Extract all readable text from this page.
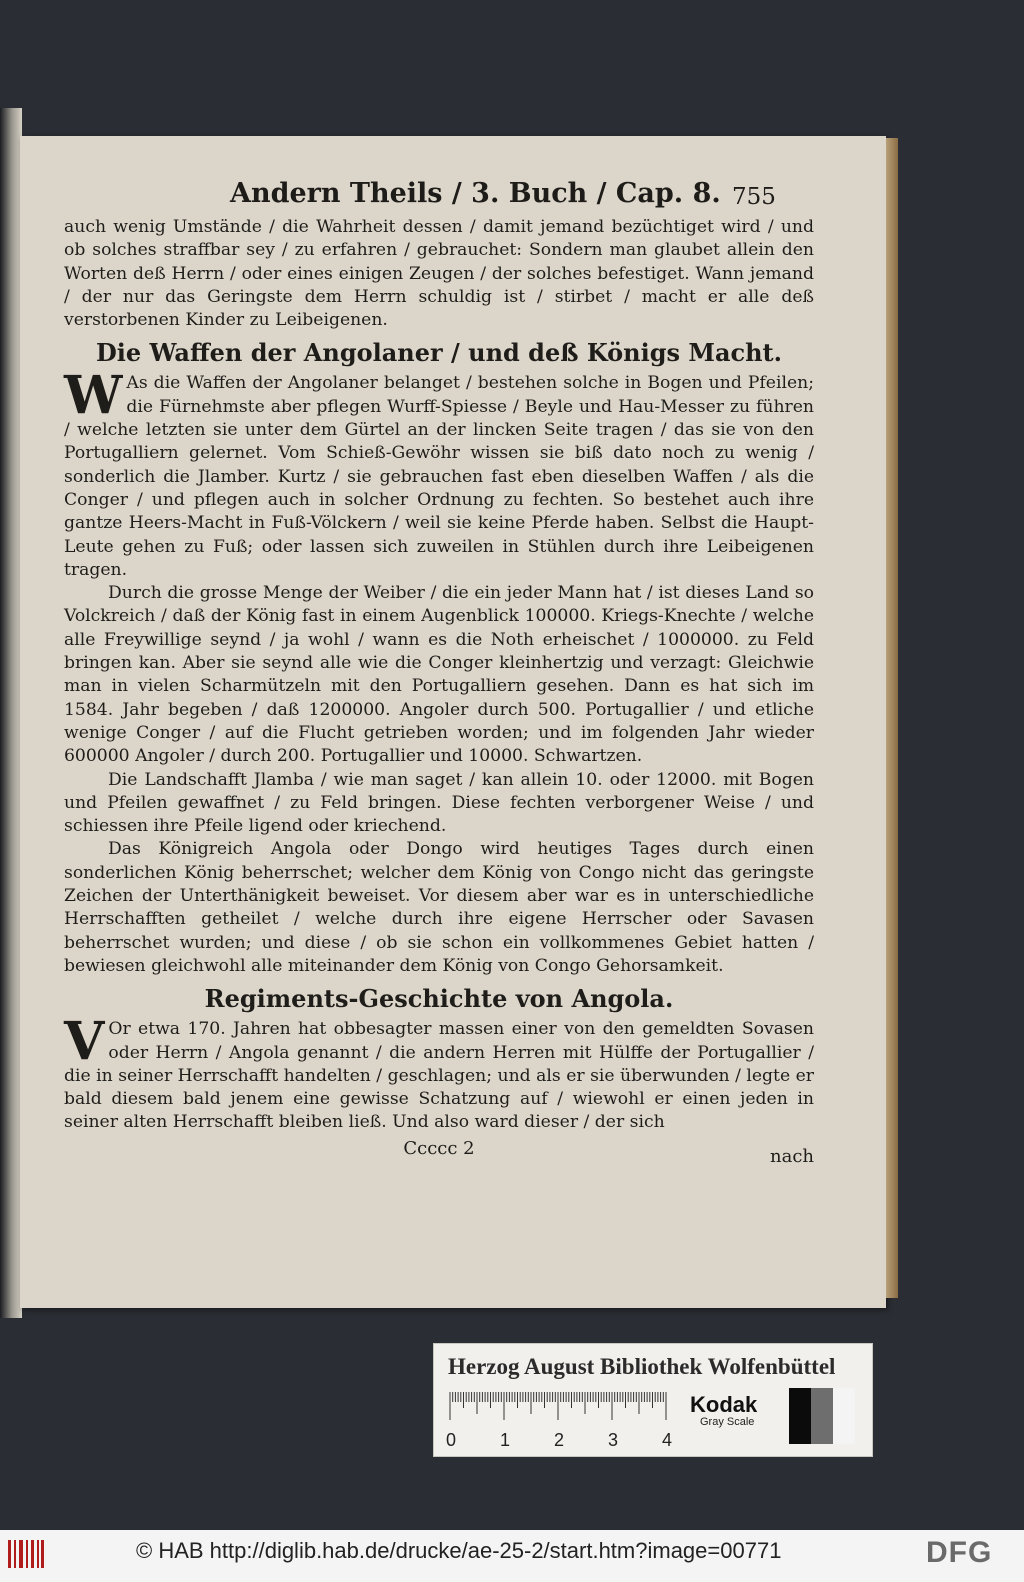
Andern Theils / 3. Buch / Cap. 8. 755

auch wenig Umstände / die Wahrheit dessen / damit jemand bezüchtiget wird / und ob solches straffbar sey / zu erfahren / gebrauchet: Sondern man glaubet allein den Worten deß Herrn / oder eines einigen Zeugen / der solches befestiget. Wann jemand / der nur das Geringste dem Herrn schuldig ist / stirbet / macht er alle deß verstorbenen Kinder zu Leibeigenen.

Die Waffen der Angolaner / und deß Königs Macht.

W As die Waffen der Angolaner belanget / bestehen solche in Bogen und Pfeilen; die Fürnehmste aber pflegen Wurff-Spiesse / Beyle und Hau-Messer zu führen / welche letzten sie unter dem Gürtel an der lincken Seite tragen / das sie von den Portugalliern gelernet. Vom Schieß-Gewöhr wissen sie biß dato noch zu wenig / sonderlich die Jlamber. Kurtz / sie gebrauchen fast eben dieselben Waffen / als die Conger / und pflegen auch in solcher Ordnung zu fechten. So bestehet auch ihre gantze Heers-Macht in Fuß-Völckern / weil sie keine Pferde haben. Selbst die Haupt-Leute gehen zu Fuß; oder lassen sich zuweilen in Stühlen durch ihre Leibeigenen tragen.

Durch die grosse Menge der Weiber / die ein jeder Mann hat / ist dieses Land so Volckreich / daß der König fast in einem Augenblick 100000. Kriegs-Knechte / welche alle Freywillige seynd / ja wohl / wann es die Noth erheischet / 1000000. zu Feld bringen kan. Aber sie seynd alle wie die Conger kleinhertzig und verzagt: Gleichwie man in vielen Scharmützeln mit den Portugalliern gesehen. Dann es hat sich im 1584. Jahr begeben / daß 1200000. Angoler durch 500. Portugallier / und etliche wenige Conger / auf die Flucht getrieben worden; und im folgenden Jahr wieder 600000 Angoler / durch 200. Portugallier und 10000. Schwartzen.

Die Landschafft Jlamba / wie man saget / kan allein 10. oder 12000. mit Bogen und Pfeilen gewaffnet / zu Feld bringen. Diese fechten verborgener Weise / und schiessen ihre Pfeile ligend oder kriechend.

Das Königreich Angola oder Dongo wird heutiges Tages durch einen sonderlichen König beherrschet; welcher dem König von Congo nicht das geringste Zeichen der Unterthänigkeit beweiset. Vor diesem aber war es in unterschiedliche Herrschafften getheilet / welche durch ihre eigene Herrscher oder Savasen beherrschet wurden; und diese / ob sie schon ein vollkommenes Gebiet hatten / bewiesen gleichwohl alle miteinander dem König von Congo Gehorsamkeit.

Regiments-Geschichte von Angola.

V Or etwa 170. Jahren hat obbesagter massen einer von den gemeldten Sovasen oder Herrn / Angola genannt / die andern Herren mit Hülffe der Portugallier / die in seiner Herrschafft handelten / geschlagen; und als er sie überwunden / legte er bald diesem bald jenem eine gewisse Schatzung auf / wiewohl er einen jeden in seiner alten Herrschafft bleiben ließ. Und also ward dieser / der sich

Ccccc 2	nach
Herzog August Bibliothek Wolfenbüttel
0 1 2 3 4
Kodak
Gray Scale
© HAB http://diglib.hab.de/drucke/ae-25-2/start.htm?image=00771	DFG
